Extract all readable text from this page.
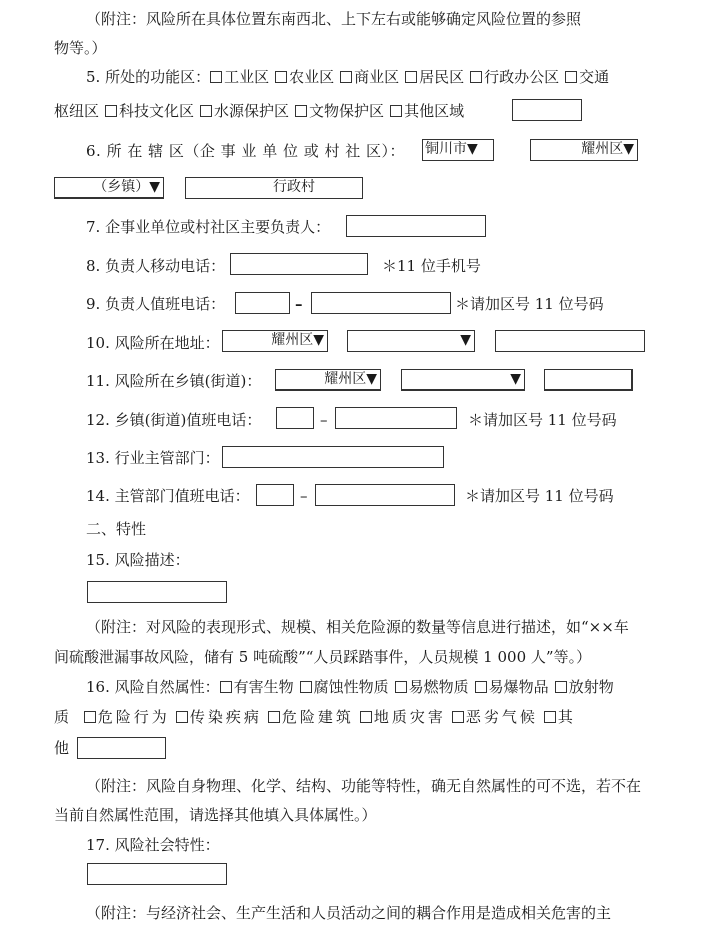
（附注：风险所在具体位置东南西北、上下左右或能够确定风险位置的参照
物等。）
5. 所处的功能区： 工业区 农业区 商业区 居民区 行政办公区 交通
枢纽区 科技文化区 水源保护区 文物保护区 其他区域
6. 所 在 辖 区（企 事 业 单 位 或 村 社 区）： 铜川市▼	耀州区▼
（乡镇）▼	行政村
7. 企事业单位或村社区主要负责人：
8. 负责人移动电话：	＊11 位手机号
9. 负责人值班电话：	–	＊请加区号 11 位号码
10. 风险所在地址：	耀州区▼	▼
11. 风险所在乡镇(街道)：	耀州区▼	▼
12. 乡镇(街道)值班电话：	–	＊请加区号 11 位号码
13. 行业主管部门：
14. 主管部门值班电话：	–	＊请加区号 11 位号码
二、特性
15. 风险描述：
（附注：对风险的表现形式、规模、相关危险源的数量等信息进行描述，如“××车
间硫酸泄漏事故风险，储有 5 吨硫酸”“人员踩踏事件，人员规模 1 000 人”等。）
16. 风险自然属性： 有害生物 腐蚀性物质 易燃物质 易爆物品 放射物
质 危险行为 传染疾病 危险建筑 地质灾害 恶劣气候 其
他
（附注：风险自身物理、化学、结构、功能等特性，确无自然属性的可不选，若不在
当前自然属性范围，请选择其他填入具体属性。）
17. 风险社会特性：
（附注：与经济社会、生产生活和人员活动之间的耦合作用是造成相关危害的主
